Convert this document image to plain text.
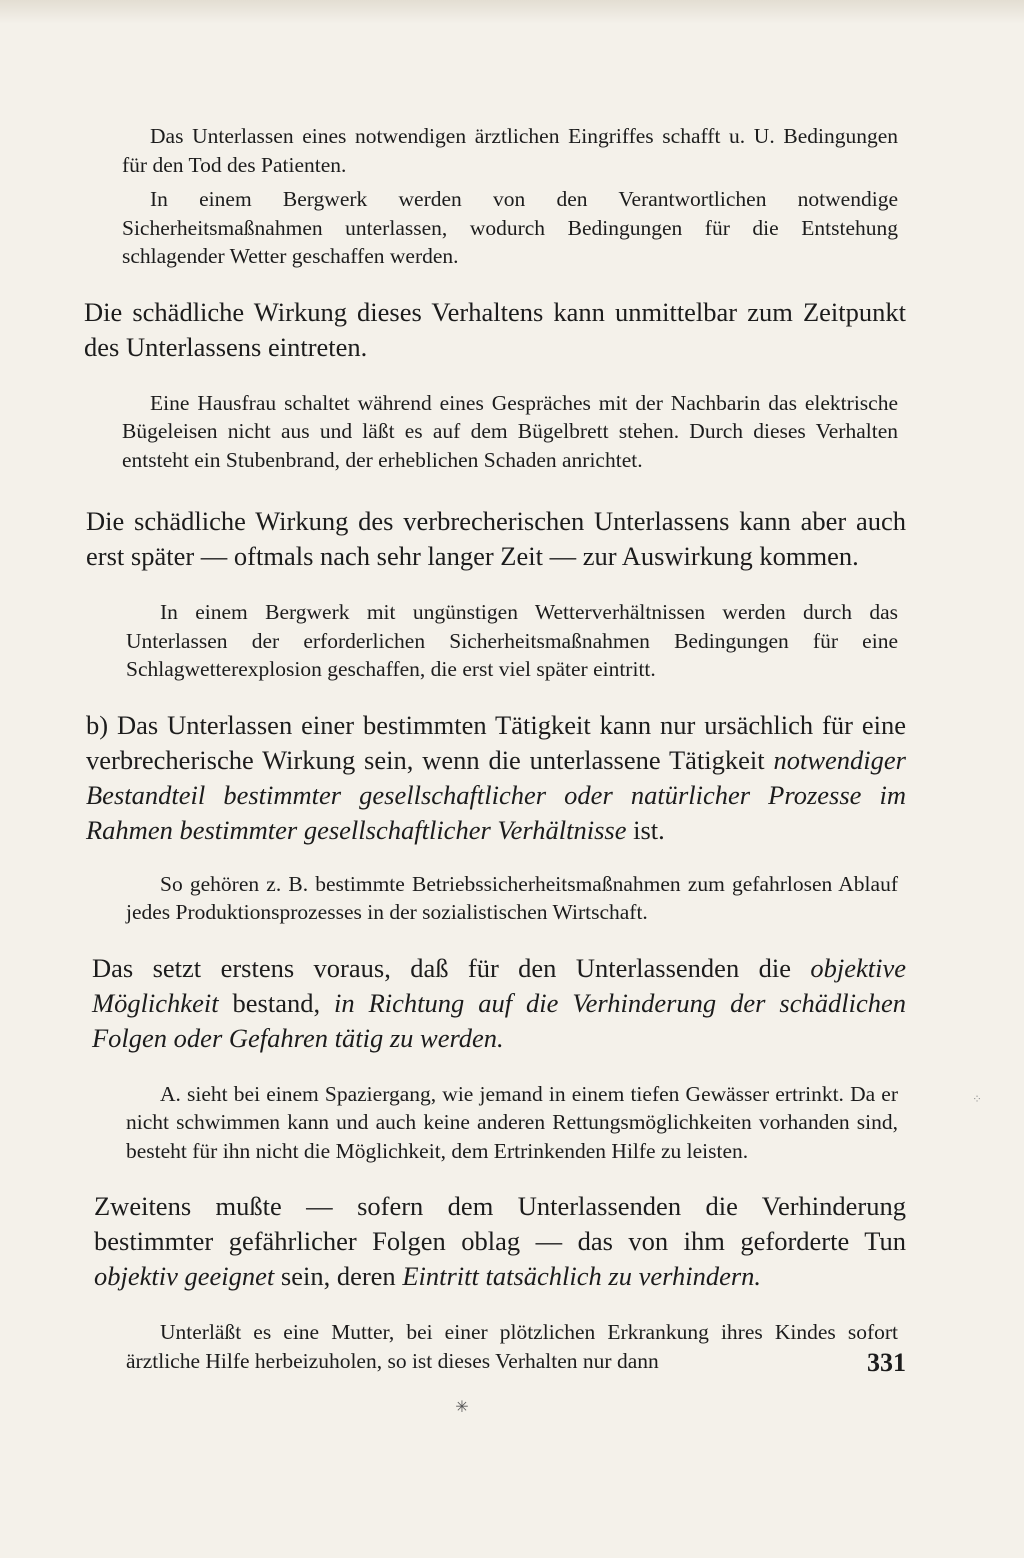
Das Unterlassen eines notwendigen ärztlichen Eingriffes schafft u. U. Bedingungen für den Tod des Patienten.

In einem Bergwerk werden von den Verantwortlichen notwendige Sicherheitsmaßnahmen unterlassen, wodurch Bedingungen für die Entstehung schlagender Wetter geschaffen werden.

Die schädliche Wirkung dieses Verhaltens kann unmittelbar zum Zeitpunkt des Unterlassens eintreten.

Eine Hausfrau schaltet während eines Gespräches mit der Nachbarin das elektrische Bügeleisen nicht aus und läßt es auf dem Bügelbrett stehen. Durch dieses Verhalten entsteht ein Stubenbrand, der erheblichen Schaden anrichtet.

Die schädliche Wirkung des verbrecherischen Unterlassens kann aber auch erst später — oftmals nach sehr langer Zeit — zur Auswirkung kommen.

In einem Bergwerk mit ungünstigen Wetterverhältnissen werden durch das Unterlassen der erforderlichen Sicherheitsmaßnahmen Bedingungen für eine Schlagwetterexplosion geschaffen, die erst viel später eintritt.

b) Das Unterlassen einer bestimmten Tätigkeit kann nur ursächlich für eine verbrecherische Wirkung sein, wenn die unterlassene Tätigkeit notwendiger Bestandteil bestimmter gesellschaftlicher oder natürlicher Prozesse im Rahmen bestimmter gesellschaftlicher Verhältnisse ist.

So gehören z. B. bestimmte Betriebssicherheitsmaßnahmen zum gefahrlosen Ablauf jedes Produktionsprozesses in der sozialistischen Wirtschaft.

Das setzt erstens voraus, daß für den Unterlassenden die objektive Möglichkeit bestand, in Richtung auf die Verhinderung der schädlichen Folgen oder Gefahren tätig zu werden.

A. sieht bei einem Spaziergang, wie jemand in einem tiefen Gewässer ertrinkt. Da er nicht schwimmen kann und auch keine anderen Rettungsmöglichkeiten vorhanden sind, besteht für ihn nicht die Möglichkeit, dem Ertrinkenden Hilfe zu leisten.

Zweitens mußte — sofern dem Unterlassenden die Verhinderung bestimmter gefährlicher Folgen oblag — das von ihm geforderte Tun objektiv geeignet sein, deren Eintritt tatsächlich zu verhindern.

Unterläßt es eine Mutter, bei einer plötzlichen Erkrankung ihres Kindes sofort ärztliche Hilfe herbeizuholen, so ist dieses Verhalten nur dann	331
✳
⁘
